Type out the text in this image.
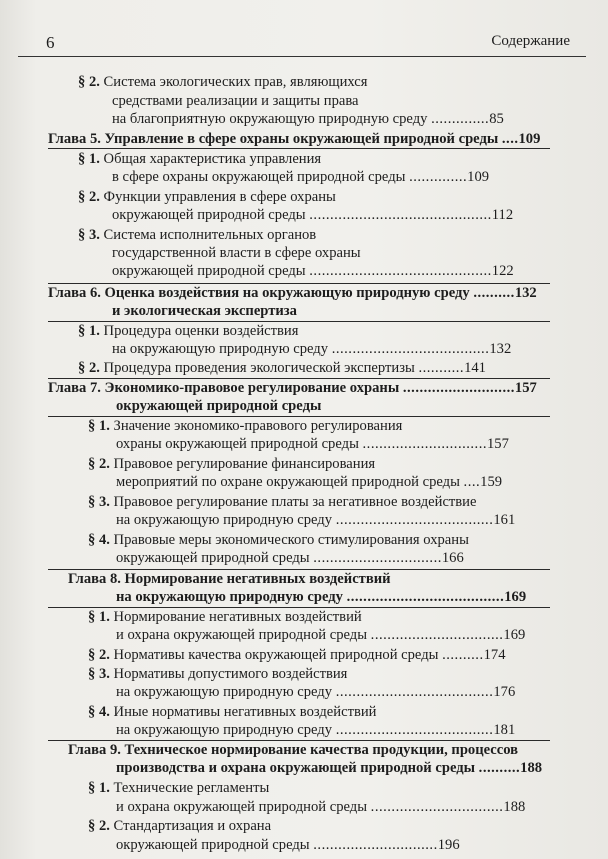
6	Содержание
§ 2. Система экологических прав, являющихся
средствами реализации и защиты права
на благоприятную окружающую природную среду ..............85
Глава 5. Управление в сфере охраны окружающей природной среды ....109
§ 1. Общая характеристика управления
в сфере охраны окружающей природной среды ..............109
§ 2. Функции управления в сфере охраны
окружающей природной среды ............................................112
§ 3. Система исполнительных органов
государственной власти в сфере охраны
окружающей природной среды ............................................122
Глава 6. Оценка воздействия на окружающую природную среду ..........132
и экологическая экспертиза
§ 1. Процедура оценки воздействия
на окружающую природную среду ......................................132
§ 2. Процедура проведения экологической экспертизы ...........141
Глава 7. Экономико-правовое регулирование охраны ...........................157
окружающей природной среды
§ 1. Значение экономико-правового регулирования
охраны окружающей природной среды ..............................157
§ 2. Правовое регулирование финансирования
мероприятий по охране окружающей природной среды ....159
§ 3. Правовое регулирование платы за негативное воздействие
на окружающую природную среду ......................................161
§ 4. Правовые меры экономического стимулирования охраны
окружающей природной среды ...............................166
Глава 8. Нормирование негативных воздействий
на окружающую природную среду ......................................169
§ 1. Нормирование негативных воздействий
и охрана окружающей природной среды ................................169
§ 2. Нормативы качества окружающей природной среды ..........174
§ 3. Нормативы допустимого воздействия
на окружающую природную среду ......................................176
§ 4. Иные нормативы негативных воздействий
на окружающую природную среду ......................................181
Глава 9. Техническое нормирование качества продукции, процессов
производства и охрана окружающей природной среды ..........188
§ 1. Технические регламенты
и охрана окружающей природной среды ................................188
§ 2. Стандартизация и охрана
окружающей природной среды ..............................196
